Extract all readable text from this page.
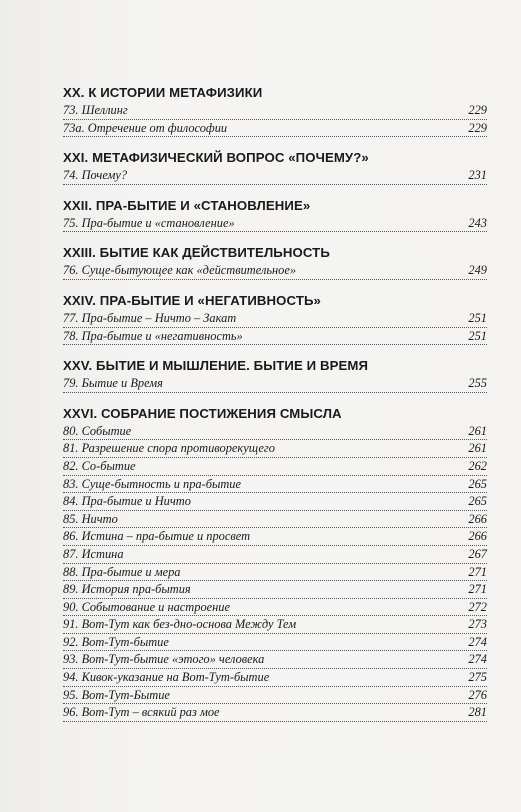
XX. К ИСТОРИИ МЕТАФИЗИКИ
73. Шеллинг	229
73а. Отречение от философии	229
XXI. МЕТАФИЗИЧЕСКИЙ ВОПРОС «ПОЧЕМУ?»
74. Почему?	231
XXII. ПРА-БЫТИЕ И «СТАНОВЛЕНИЕ»
75. Пра-бытие и «становление»	243
XXIII. БЫТИЕ КАК ДЕЙСТВИТЕЛЬНОСТЬ
76. Суще-бытующее как «действительное»	249
XXIV. ПРА-БЫТИЕ И «НЕГАТИВНОСТЬ»
77. Пра-бытие – Ничто – Закат	251
78. Пра-бытие и «негативность»	251
XXV. БЫТИЕ И МЫШЛЕНИЕ. БЫТИЕ И ВРЕМЯ
79. Бытие и Время	255
XXVI. СОБРАНИЕ ПОСТИЖЕНИЯ СМЫСЛА
80. Событие	261
81. Разрешение спора противорекущего	261
82. Со-бытие	262
83. Суще-бытность и пра-бытие	265
84. Пра-бытие и Ничто	265
85. Ничто	266
86. Истина – пра-бытие и просвет	266
87. Истина	267
88. Пра-бытие и мера	271
89. История пра-бытия	271
90. Событование и настроение	272
91. Вот-Тут как без-дно-основа Между Тем	273
92. Вот-Тут-бытие	274
93. Вот-Тут-бытие «этого» человека	274
94. Кивок-указание на Вот-Тут-бытие	275
95. Вот-Тут-Бытие	276
96. Вот-Тут – всякий раз мое	281
